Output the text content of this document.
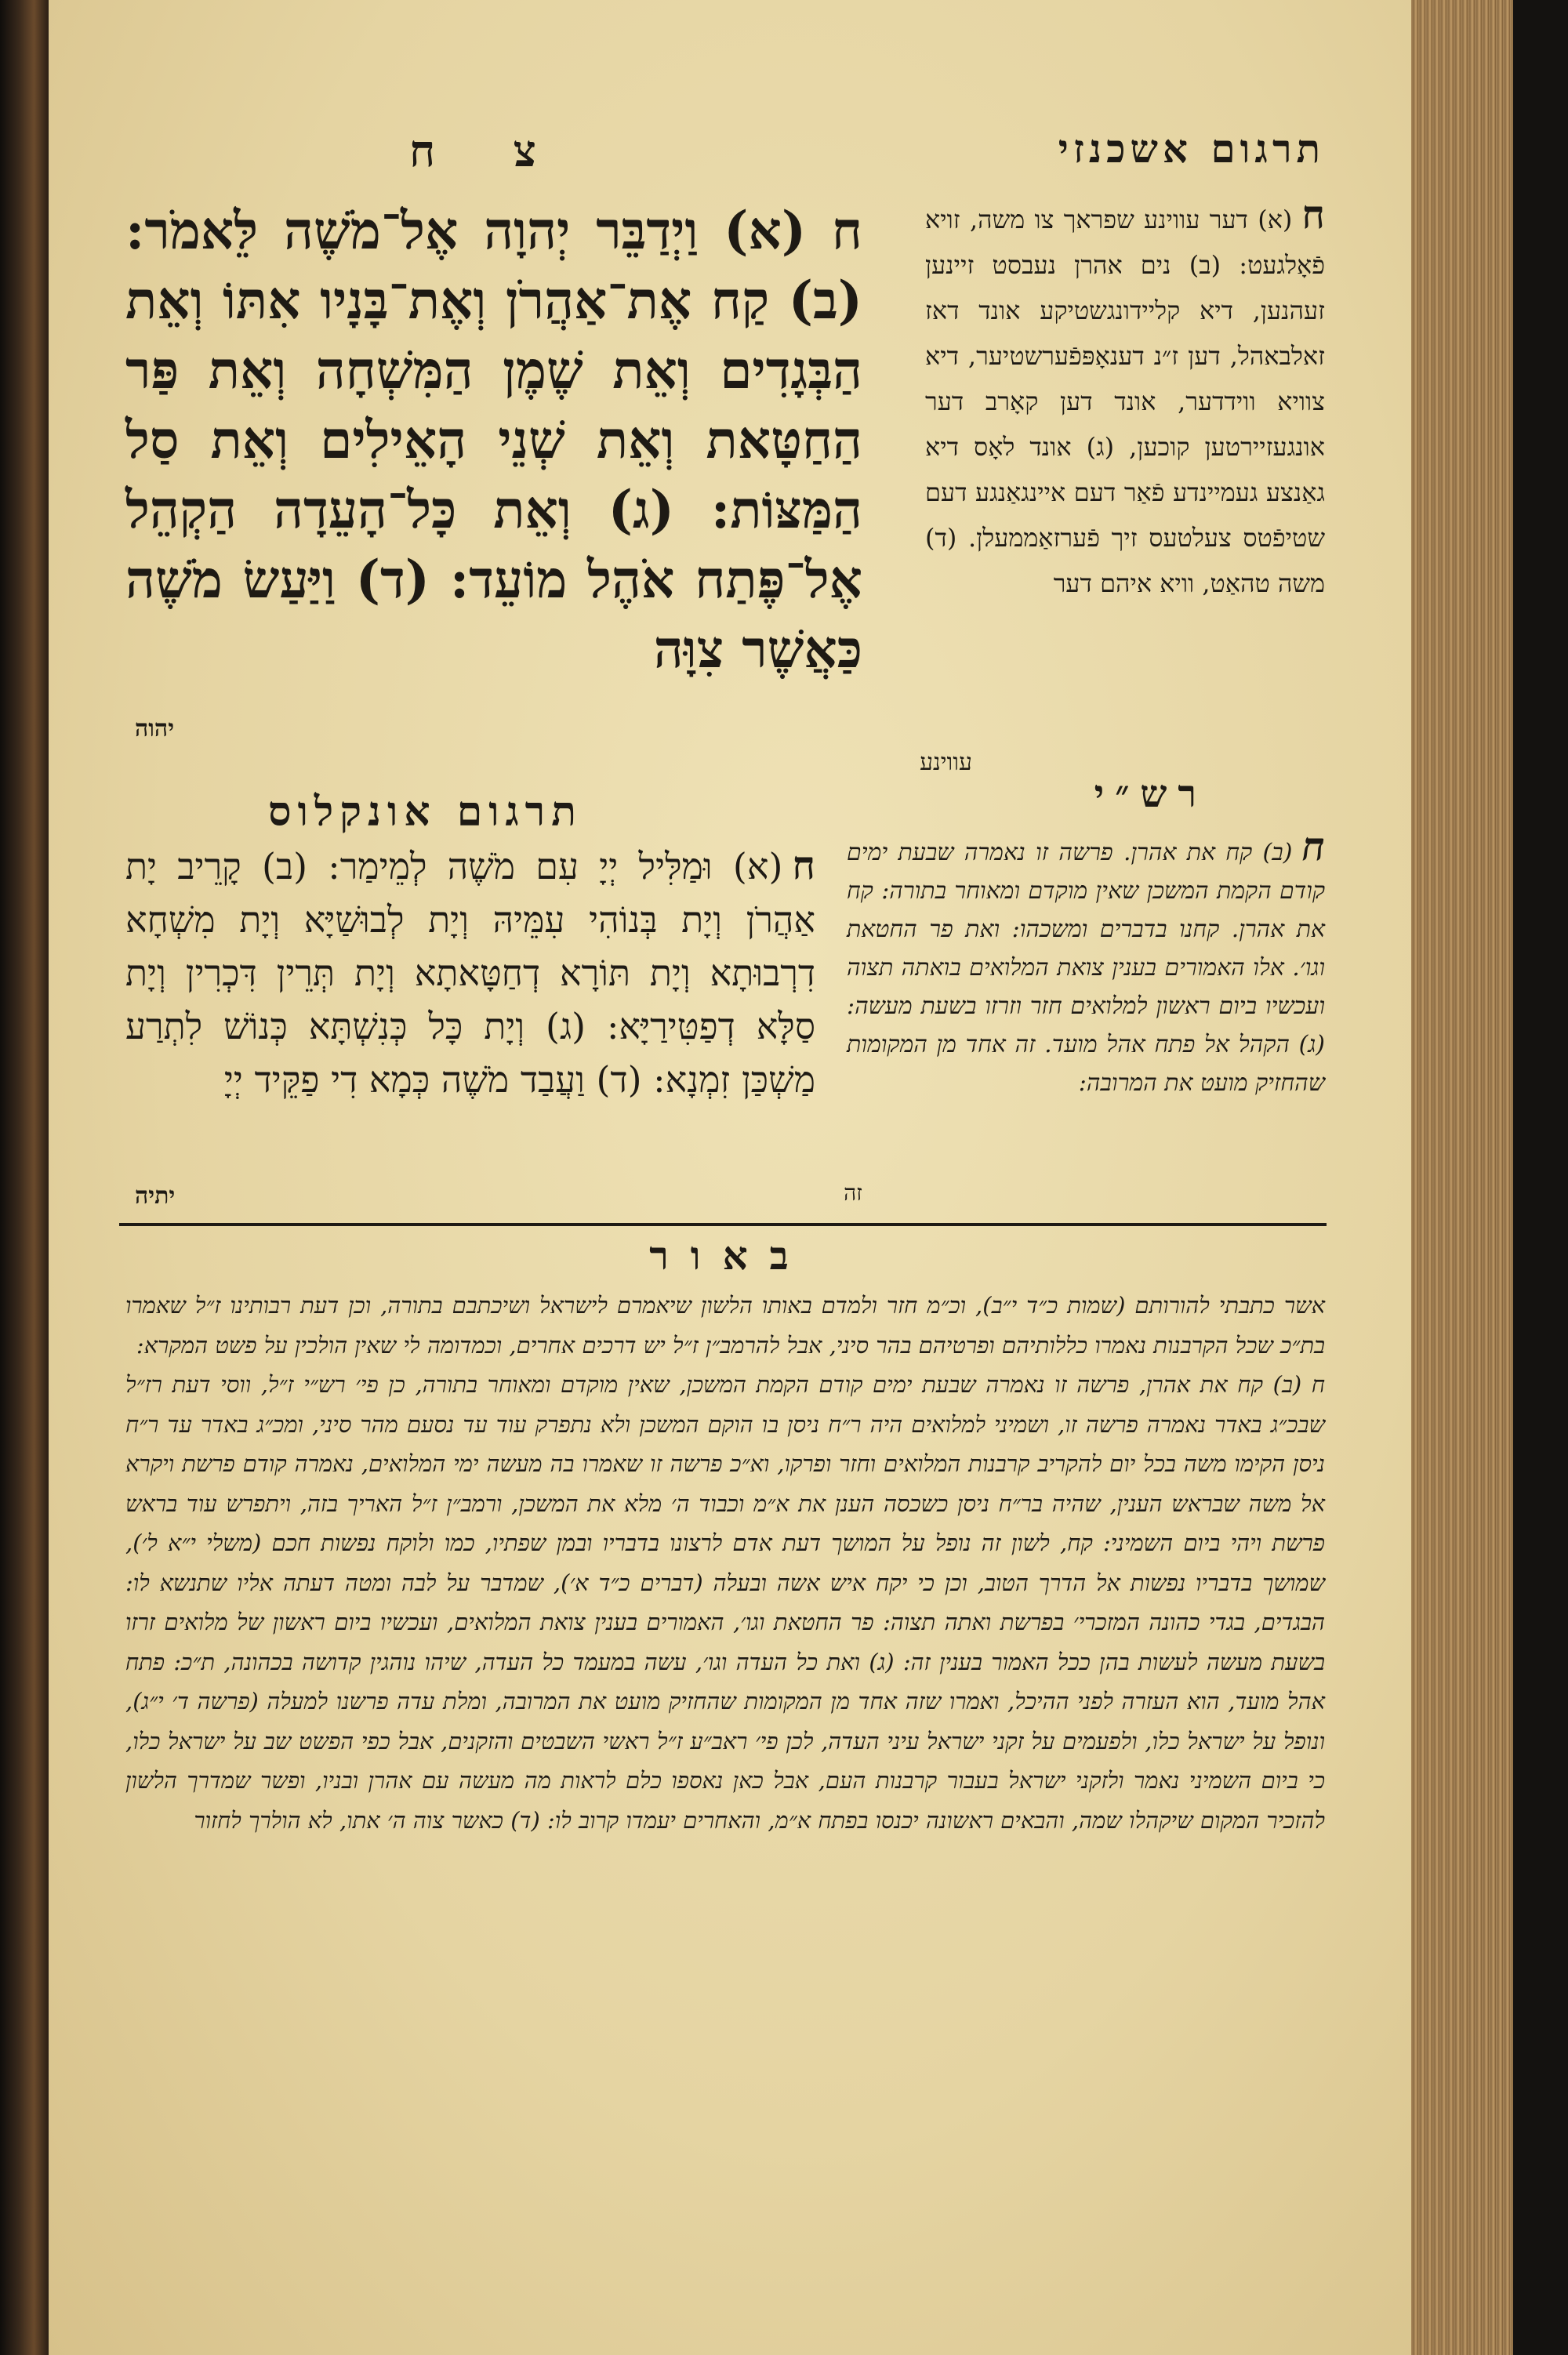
תרגום אשכנזי
צ ח

ח(א) דער עווינע שפראך צו משה, זויא פֿאָלגעט: (ב) נים אהרן נעבסט זיינען זעהנען, דיא קליידונגשטיקע אונד דאז זאלבאהל, דען ז״נ דענאָפּפֿערשטיער, דיא צוויא ווידדער, אונד דען קאָרב דער אונגעזיירטען קוכען, (ג) אונד לאָס דיא גאַנצע געמיינדע פֿאַר דעם איינגאַנגע דעם שטיפֿטס צעלטעס זיך פֿערזאַממעלן. (ד) משה טהאַט, וויא איהם דער

עווינע

ח (א) וַיְדַבֵּר יְהוָה אֶל־מֹשֶׁה לֵּאמֹר: (ב) קַח אֶת־אַהֲרֹן וְאֶת־בָּנָיו אִתּוֹ וְאֵת הַבְּגָדִים וְאֵת שֶׁמֶן הַמִּשְׁחָה וְאֵת פַּר הַחַטָּאת וְאֵת שְׁנֵי הָאֵילִים וְאֵת סַל הַמַּצּוֹת: (ג) וְאֵת כָּל־הָעֵדָה הַקְהֵל אֶל־פֶּתַח אֹהֶל מוֹעֵד: (ד) וַיַּעַשׂ מֹשֶׁה כַּאֲשֶׁר צִוָּה

יהוה
רש״י

ח(ב) קח את אהרן. פרשה זו נאמרה שבעת ימים קודם הקמת המשכן שאין מוקדם ומאוחר בתורה: קח את אהרן. קחנו בדברים ומשכהו: ואת פר החטאת וגו׳. אלו האמורים בענין צואת המלואים בואתה תצוה ועכשיו ביום ראשון למלואים חזר וזרזו בשעת מעשה: (ג) הקהל אל פתח אהל מועד. זה אחד מן המקומות שהחזיק מועט את המרובה:

זה
תרגום אונקלוס

ח(א) וּמַלִּיל יְיָ עִם מֹשֶׁה לְמֵימַר: (ב) קָרֵיב יָת אַהֲרֹן וְיָת בְּנוֹהִי עִמֵּיהּ וְיָת לְבוּשַׁיָּא וְיָת מִשְׁחָא דִרְבוּתָא וְיָת תּוֹרָא דְחַטָּאתָא וְיָת תְּרֵין דִּכְרִין וְיָת סַלָּא דְפַטִּירַיָּא: (ג) וְיָת כָּל כְּנִשְׁתָּא כְּנוֹשׁ לִתְרַע מַשְׁכַּן זִמְנָא: (ד) וַעֲבַד מֹשֶׁה כְּמָא דִי פַקֵּיד יְיָ

יתיה
באור

אשר כתבתי להורותם (שמות כ״ד י״ב), וכ״מ חזר ולמדם באותו הלשון שיאמרם לישראל ושיכתבם בתורה, וכן דעת רבותינו ז״ל שאמרו בת״כ שכל הקרבנות נאמרו כללותיהם ופרטיהם בהר סיני, אבל להרמב״ן ז״ל יש דרכים אחרים, וכמדומה לי שאין הולכין על פשט המקרא:

ח (ב) קח את אהרן, פרשה זו נאמרה שבעת ימים קודם הקמת המשכן, שאין מוקדם ומאוחר בתורה, כן פי׳ רש״י ז״ל, ווסי דעת רז״ל שבכ״ג באדר נאמרה פרשה זו, ושמיני למלואים היה ר״ח ניסן בו הוקם המשכן ולא נתפרק עוד עד נסעם מהר סיני, ומכ״ג באדר עד ר״ח ניסן הקימו משה בכל יום להקריב קרבנות המלואים וחזר ופרקו, וא״כ פרשה זו שאמרו בה מעשה ימי המלואים, נאמרה קודם פרשת ויקרא אל משה שבראש הענין, שהיה בר״ח ניסן כשכסה הענן את א״מ וכבוד ה׳ מלא את המשכן, ורמב״ן ז״ל האריך בזה, ויתפרש עוד בראש פרשת ויהי ביום השמיני: קח, לשון זה נופל על המושך דעת אדם לרצונו בדבריו ובמן שפתיו, כמו ולוקח נפשות חכם (משלי י״א ל׳), שמושך בדבריו נפשות אל הדרך הטוב, וכן כי יקח איש אשה ובעלה (דברים כ״ד א׳), שמדבר על לבה ומטה דעתה אליו שתנשא לו: הבגדים, בגדי כהונה המזכרי׳ בפרשת ואתה תצוה: פר החטאת וגו׳, האמורים בענין צואת המלואים, ועכשיו ביום ראשון של מלואים זרזו בשעת מעשה לעשות בהן ככל האמור בענין זה: (ג) ואת כל העדה וגו׳, עשה במעמד כל העדה, שיהו נוהגין קדושה בכהונה, ת״כ: פתח אהל מועד, הוא העזרה לפני ההיכל, ואמרו שזה אחד מן המקומות שהחזיק מועט את המרובה, ומלת עדה פרשנו למעלה (פרשה ד׳ י״ג), ונופל על ישראל כלו, ולפעמים על זקני ישראל עיני העדה, לכן פי׳ ראב״ע ז״ל ראשי השבטים והזקנים, אבל כפי הפשט שב על ישראל כלו, כי ביום השמיני נאמר ולזקני ישראל בעבור קרבנות העם, אבל כאן נאספו כלם לראות מה מעשה עם אהרן ובניו, ופשר שמדרך הלשון להזכיר המקום שיקהלו שמה, והבאים ראשונה יכנסו בפתח א״מ, והאחרים יעמדו קרוב לו: (ד) כאשר צוה ה׳ אתו, לא הולרך לחזור
